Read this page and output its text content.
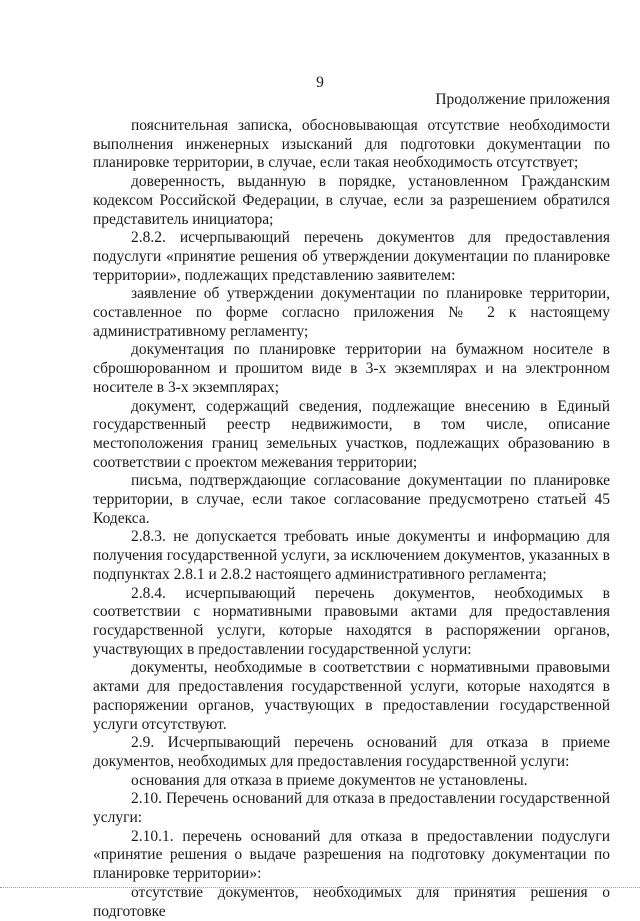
9
Продолжение приложения

пояснительная записка, обосновывающая отсутствие необходимости выполнения инженерных изысканий для подготовки документации по планировке территории, в случае, если такая необходимость отсутствует;

доверенность, выданную в порядке, установленном Гражданским кодексом Российской Федерации, в случае, если за разрешением обратился представитель инициатора;

2.8.2. исчерпывающий перечень документов для предоставления подуслуги «принятие решения об утверждении документации по планировке территории», подлежащих представлению заявителем:

заявление об утверждении документации по планировке территории, составленное по форме согласно приложения № 2 к настоящему административному регламенту;

документация по планировке территории на бумажном носителе в сброшюрованном и прошитом виде в 3-х экземплярах и на электронном носителе в 3-х экземплярах;

документ, содержащий сведения, подлежащие внесению в Единый государственный реестр недвижимости, в том числе, описание местоположения границ земельных участков, подлежащих образованию в соответствии с проектом межевания территории;

письма, подтверждающие согласование документации по планировке территории, в случае, если такое согласование предусмотрено статьей 45 Кодекса.

2.8.3. не допускается требовать иные документы и информацию для получения государственной услуги, за исключением документов, указанных в подпунктах 2.8.1 и 2.8.2 настоящего административного регламента;

2.8.4. исчерпывающий перечень документов, необходимых в соответствии с нормативными правовыми актами для предоставления государственной услуги, которые находятся в распоряжении органов, участвующих в предоставлении государственной услуги:

документы, необходимые в соответствии с нормативными правовыми актами для предоставления государственной услуги, которые находятся в распоряжении органов, участвующих в предоставлении государственной услуги отсутствуют.

2.9. Исчерпывающий перечень оснований для отказа в приеме документов, необходимых для предоставления государственной услуги:

основания для отказа в приеме документов не установлены.

2.10. Перечень оснований для отказа в предоставлении государственной услуги:

2.10.1. перечень оснований для отказа в предоставлении подуслуги «принятие решения о выдаче разрешения на подготовку документации по планировке территории»:

отсутствие документов, необходимых для принятия решения о подготовке
